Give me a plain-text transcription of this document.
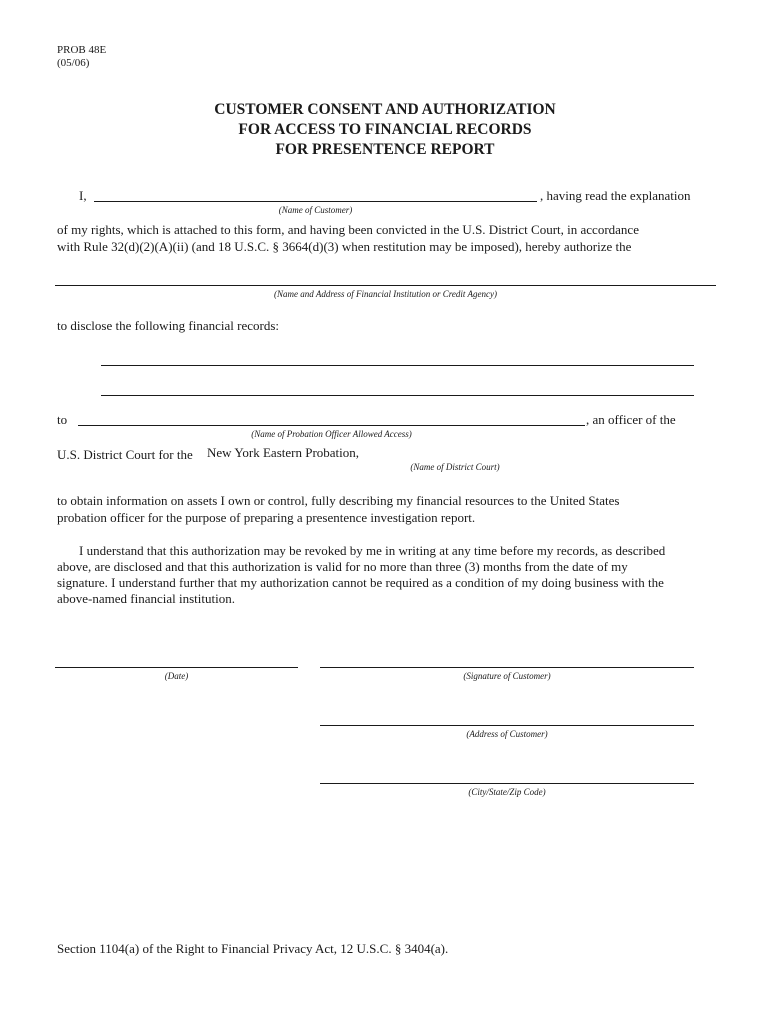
PROB 48E
(05/06)
CUSTOMER CONSENT AND AUTHORIZATION
FOR ACCESS TO FINANCIAL RECORDS
FOR PRESENTENCE REPORT
I,	, having read the explanation
(Name of Customer)
of my rights, which is attached to this form, and having been convicted in the U.S. District Court, in accordance
with Rule 32(d)(2)(A)(ii) (and 18 U.S.C. § 3664(d)(3) when restitution may be imposed), hereby authorize the
(Name and Address of Financial Institution or Credit Agency)
to disclose the following financial records:
to	, an officer of the
(Name of Probation Officer Allowed Access)
U.S. District Court for the New York Eastern Probation,
(Name of District Court)
to obtain information on assets I own or control, fully describing my financial resources to the United States
probation officer for the purpose of preparing a presentence investigation report.
I understand that this authorization may be revoked by me in writing at any time before my records, as described
above, are disclosed and that this authorization is valid for no more than three (3) months from the date of my
signature. I understand further that my authorization cannot be required as a condition of my doing business with the
above-named financial institution.
(Date)	(Signature of Customer)
(Address of Customer)
(City/State/Zip Code)
Section 1104(a) of the Right to Financial Privacy Act, 12 U.S.C. § 3404(a).
